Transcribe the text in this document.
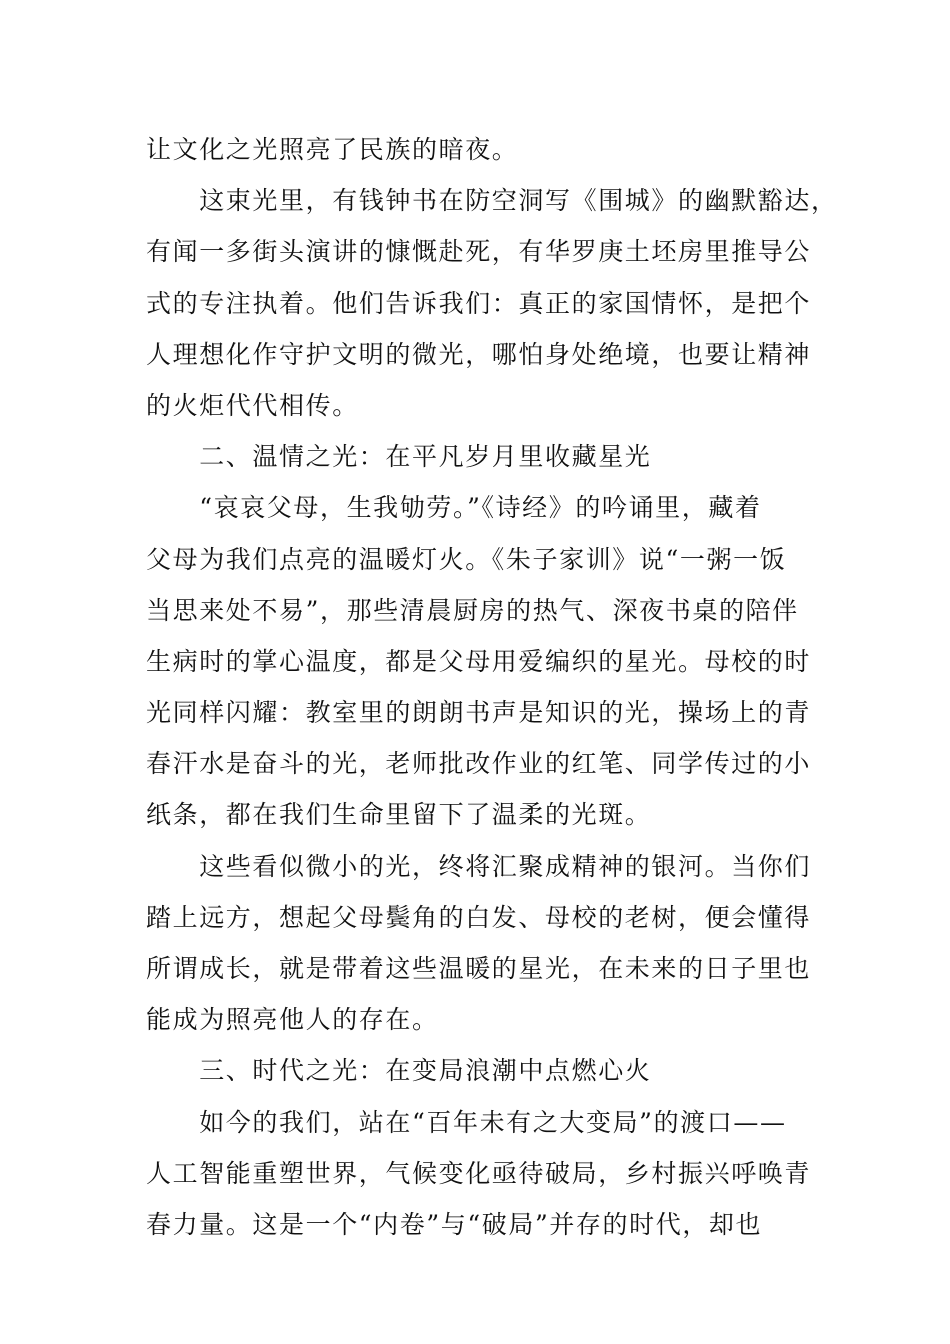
让文化之光照亮了民族的暗夜。
　　这束光里，有钱钟书在防空洞写《围城》的幽默豁达，
有闻一多街头演讲的慷慨赴死，有华罗庚土坯房里推导公
式的专注执着。他们告诉我们：真正的家国情怀，是把个
人理想化作守护文明的微光，哪怕身处绝境，也要让精神
的火炬代代相传。
　　二、温情之光：在平凡岁月里收藏星光
　　“哀哀父母，生我劬劳。”《诗经》的吟诵里，藏着
父母为我们点亮的温暖灯火。《朱子家训》说“一粥一饭
当思来处不易”，那些清晨厨房的热气、深夜书桌的陪伴
生病时的掌心温度，都是父母用爱编织的星光。母校的时
光同样闪耀：教室里的朗朗书声是知识的光，操场上的青
春汗水是奋斗的光，老师批改作业的红笔、同学传过的小
纸条，都在我们生命里留下了温柔的光斑。
　　这些看似微小的光，终将汇聚成精神的银河。当你们
踏上远方，想起父母鬓角的白发、母校的老树，便会懂得
所谓成长，就是带着这些温暖的星光，在未来的日子里也
能成为照亮他人的存在。
　　三、时代之光：在变局浪潮中点燃心火
　　如今的我们，站在“百年未有之大变局”的渡口——
人工智能重塑世界，气候变化亟待破局，乡村振兴呼唤青
春力量。这是一个“内卷”与“破局”并存的时代，却也
